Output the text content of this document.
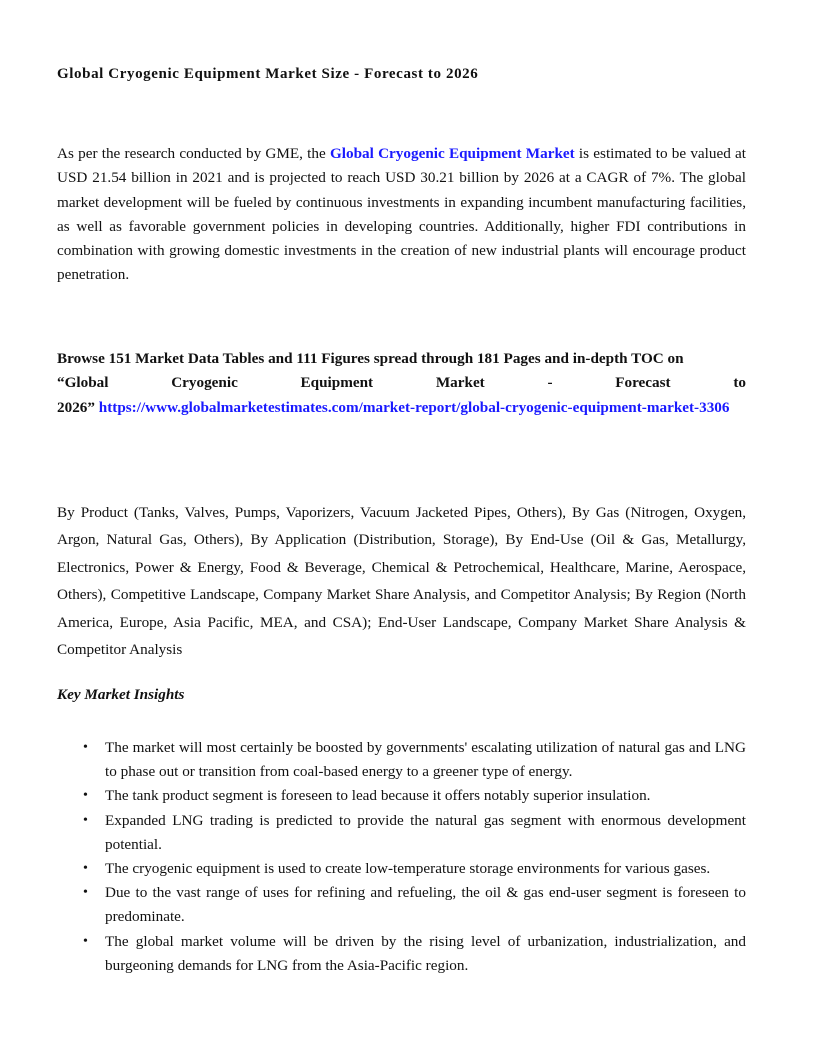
Global Cryogenic Equipment Market Size - Forecast to 2026

As per the research conducted by GME, the Global Cryogenic Equipment Market is estimated to be valued at USD 21.54 billion in 2021 and is projected to reach USD 30.21 billion by 2026 at a CAGR of 7%. The global market development will be fueled by continuous investments in expanding incumbent manufacturing facilities, as well as favorable government policies in developing countries. Additionally, higher FDI contributions in combination with growing domestic investments in the creation of new industrial plants will encourage product penetration.

Browse 151 Market Data Tables and 111 Figures spread through 181 Pages and in-depth TOC on
“Global	Cryogenic	Equipment	Market	-	Forecast	to
2026” https://www.globalmarketestimates.com/market-report/global-cryogenic-equipment-market-3306

By Product (Tanks, Valves, Pumps, Vaporizers, Vacuum Jacketed Pipes, Others), By Gas (Nitrogen, Oxygen, Argon, Natural Gas, Others), By Application (Distribution, Storage), By End-Use (Oil & Gas, Metallurgy, Electronics, Power & Energy, Food & Beverage, Chemical & Petrochemical, Healthcare, Marine, Aerospace, Others), Competitive Landscape, Company Market Share Analysis, and Competitor Analysis; By Region (North America, Europe, Asia Pacific, MEA, and CSA); End-User Landscape, Company Market Share Analysis & Competitor Analysis

Key Market Insights
• The market will most certainly be boosted by governments' escalating utilization of natural gas and LNG to phase out or transition from coal-based energy to a greener type of energy.
• The tank product segment is foreseen to lead because it offers notably superior insulation.
• Expanded LNG trading is predicted to provide the natural gas segment with enormous development potential.
• The cryogenic equipment is used to create low-temperature storage environments for various gases.
• Due to the vast range of uses for refining and refueling, the oil & gas end-user segment is foreseen to predominate.
• The global market volume will be driven by the rising level of urbanization, industrialization, and burgeoning demands for LNG from the Asia-Pacific region.
